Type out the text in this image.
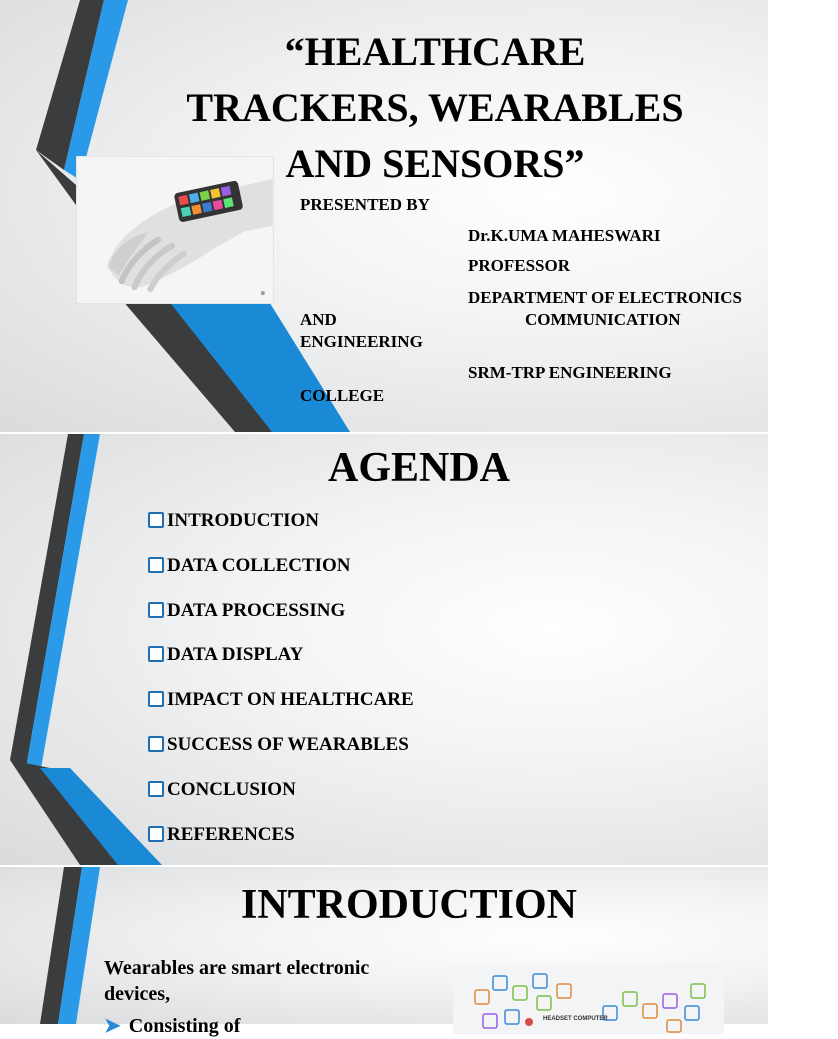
“HEALTHCARE
TRACKERS, WEARABLES
AND SENSORS”
PRESENTED BY
Dr.K.UMA MAHESWARI
PROFESSOR
DEPARTMENT OF ELECTRONICS
AND	COMMUNICATION
ENGINEERING
SRM-TRP ENGINEERING
COLLEGE
AGENDA
INTRODUCTION
DATA COLLECTION
DATA PROCESSING
DATA DISPLAY
IMPACT ON HEALTHCARE
SUCCESS OF WEARABLES
CONCLUSION
REFERENCES
INTRODUCTION
Wearables are smart electronic devices,
➤ Consisting of	HEADSET COMPUTER
